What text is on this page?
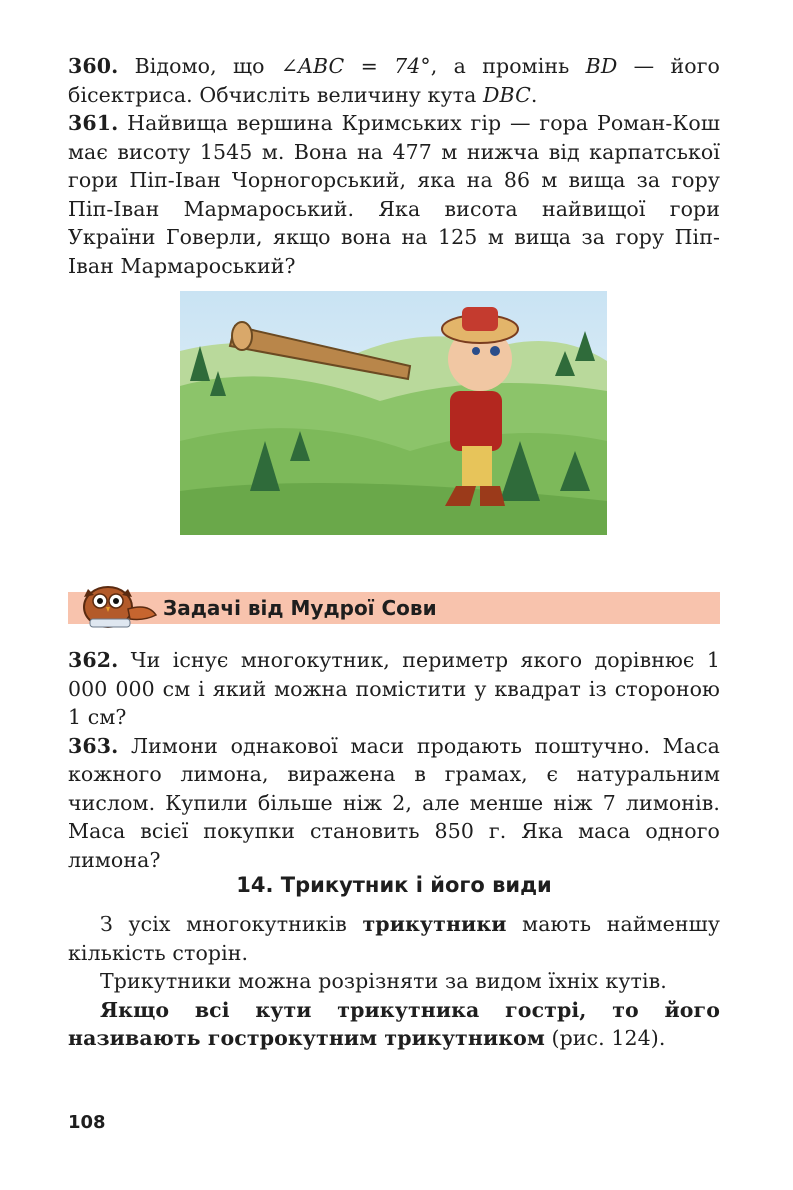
360. Відомо, що ∠ABC = 74°, а промінь BD — його бісектриса. Обчисліть величину кута DBC.

361. Найвища вершина Кримських гір — гора Роман-Кош має висоту 1545 м. Вона на 477 м нижча від карпатської гори Піп-Іван Чорногорський, яка на 86 м вища за гору Піп-Іван Мармароський. Яка висота найвищої гори України Говерли, якщо вона на 125 м вища за гору Піп-Іван Мармароський?

Задачі від Мудрої Сови

362. Чи існує многокутник, периметр якого дорівнює 1 000 000 см і який можна помістити у квадрат із стороною 1 см?

363. Лимони однакової маси продають поштучно. Маса кожного лимона, виражена в грамах, є натуральним числом. Купили більше ніж 2, але менше ніж 7 лимонів. Маса всієї покупки становить 850 г. Яка маса одного лимона?

14. Трикутник і його види

З усіх многокутників трикутники мають найменшу кількість сторін.

Трикутники можна розрізняти за видом їхніх кутів.

Якщо всі кути трикутника гострі, то його називають гострокутним трикутником (рис. 124).

108
